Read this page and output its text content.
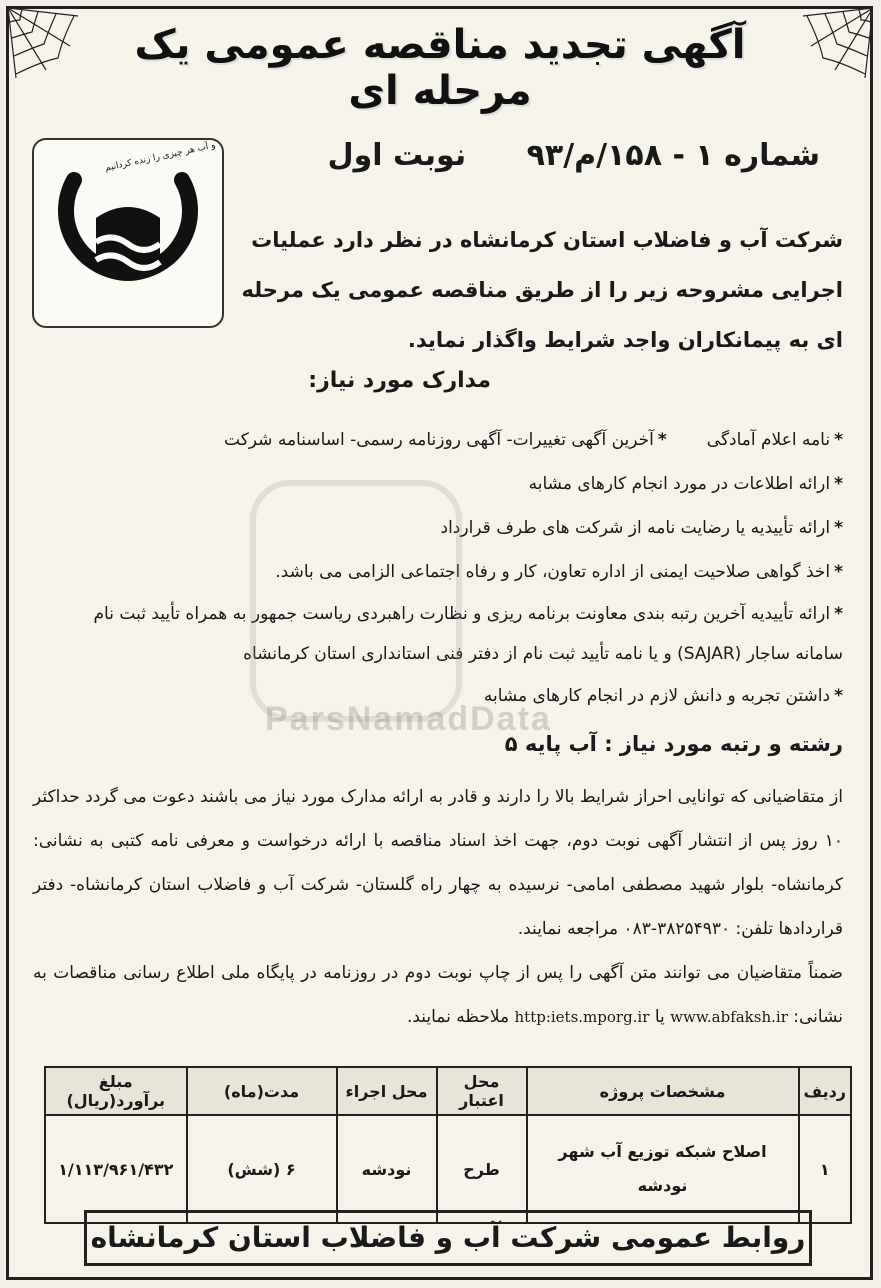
آگهی تجدید مناقصه عمومی یک مرحله ای
شماره ۱ - ۱۵۸/م/۹۳ نوبت اول
و آب هر چیزی را زنده کردانیم
شرکت آب و فاضلاب استان کرمانشاه در نظر دارد عملیات اجرایی مشروحه زیر را از طریق مناقصه عمومی یک مرحله ای به پیمانکاران واجد شرایط واگذار نماید.
مدارک مورد نیاز:
*نامه اعلام آمادگی*آخرین آگهی تغییرات- آگهی روزنامه رسمی- اساسنامه شرکت
*ارائه اطلاعات در مورد انجام کارهای مشابه
*ارائه تأییدیه یا رضایت نامه از شرکت های طرف قرارداد
*اخذ گواهی صلاحیت ایمنی از اداره تعاون، کار و رفاه اجتماعی الزامی می باشد.
*ارائه تأییدیه آخرین رتبه بندی معاونت برنامه ریزی و نظارت راهبردی ریاست جمهور به همراه تأیید ثبت نام سامانه ساجار (SAJAR) و یا نامه تأیید ثبت نام از دفتر فنی استانداری استان کرمانشاه
*داشتن تجربه و دانش لازم در انجام کارهای مشابه
ParsNamadData
رشته و رتبه مورد نیاز : آب پایه ۵

از متقاضیانی که توانایی احراز شرایط بالا را دارند و قادر به ارائه مدارک مورد نیاز می باشند دعوت می گردد حداکثر ۱۰ روز پس از انتشار آگهی نوبت دوم، جهت اخذ اسناد مناقصه با ارائه درخواست و معرفی نامه کتبی به نشانی: کرمانشاه- بلوار شهید مصطفی امامی- نرسیده به چهار راه گلستان- شرکت آب و فاضلاب استان کرمانشاه- دفتر قراردادها تلفن: ۳۸۲۵۴۹۳۰-۰۸۳ مراجعه نمایند.

ضمناً متقاضیان می توانند متن آگهی را پس از چاپ نوبت دوم در روزنامه در پایگاه ملی اطلاع رسانی مناقصات به نشانی: www.abfaksh.ir یا http:iets.mporg.ir ملاحظه نمایند.

ردیف	مشخصات پروژه	محل اعتبار	محل اجراء	مدت(ماه)	مبلغ برآورد(ریال)
۱	اصلاح شبکه توزیع آب شهر نودشه	طرح	نودشه	۶ (شش)	۱/۱۱۳/۹۶۱/۴۳۲
روابط عمومی شرکت آب و فاضلاب استان کرمانشاه
